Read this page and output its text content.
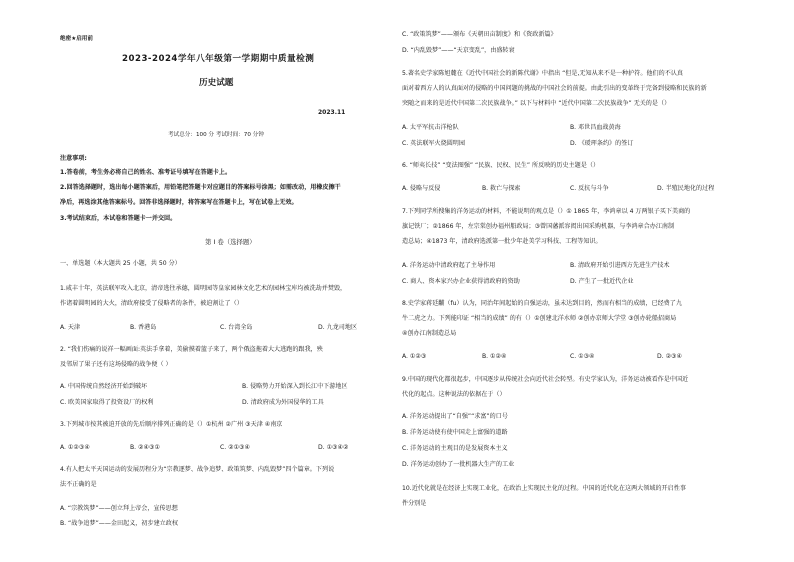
绝密★启用前
2023-2024学年八年级第一学期期中质量检测
历史试题
2023.11
考试总分：100 分 考试时间：70 分钟
注意事项:
1.答卷前，考生务必将自己的姓名、准考证号填写在答题卡上。
2.回答选择题时，选出每小题答案后，用铅笔把答题卡对应题目的答案标号涂黑；如需改动，用橡皮擦干
净后，再选涂其他答案标号。回答非选择题时，将答案写在答题卡上，写在试卷上无效。
3.考试结束后，本试卷和答题卡一并交回。
第 I 卷（选择题）
一、单选题（本大题共 25 小题，共 50 分）
1.咸丰十年，英法联军攻入北京，清帝逃往承德，圆明园等皇家园林文化艺术的园林宝库均被洗劫并焚毁，
作诸着圆明园的大火，清政府接受了侵略者的条件，被迫割让了（）
A. 天津	B. 香港岛	C. 台湾全岛	D. 九龙司地区
2. “我们伤痛的说祥一幅画面:英法手拿着，美偷摸着篮子来了，两个俄盗拖着大大逃跑的跟我，殃
及邻居了果子还有这场侵略的战争便（ ）
A. 中国传统自然经济开始到破坏	B. 侵略势力开始深入到长江中下游地区
C. 欧美国家取得了投资设厂的权利	D. 清政府成为外国侵华的工具
3.下列城市按其被迫开放的先后顺序排列正确的是（）①杭州 ②广州 ③天津 ④南京
A. ①②③④	B. ②④③①	C. ②①③④	D. ①③④②
4.有人把太平天国运动的发展历程分为“宗教逐梦、战争追梦、政策筑梦、内乱毁梦”四个篇章。下列说
法不正确的是
A. “宗教筑梦”——创立拜上帝会，宣传思想
B. “战争追梦”——金田起义，初步建立政权
C. “政策筑梦”——颁布《天朝田亩制度》和《资政新篇》
D. “内乱毁梦”——“天京变乱”，由盛转衰
5.著名史学家陈旭麓在《近代中国社会的新陈代谢》中指出 “但是,无知从来不是一种护符。他们的不认真
面对着西方人的认真面对的侵略的中国问题的挑战的中国社会的前提。由此引出的变革终于完备到侵略和民族的新
突随之而来的是近代中国第二次民族战争。” 以下与材料中 “近代中国第二次民族战争” 无关的是（）
A. 太平军抗击洋枪队	B. 邓世昌血战黄海
C. 英法联军火烧圆明园	D. 《瑷珲条约》的签订
6. “师夷长技” “变法图强” “民族、民权、民生” 所反映的历史主题是（）
A. 侵略与反侵	B. 救亡与探索	C. 反抗与斗争	D. 半殖民地化的过程
7.下列同学所搜集的洋务运动的材料，不能说明的观点是（）① 1865 年，李鸿章以 4 万两银子买下美商的
旗记铁厂；②1866 年，左宗棠创办福州船政局；③曾国藩派容闳出国采购机器，与李鸿章合办江南制
造总局；④1873 年，清政府选派第一批少年赴美学习科技、工程等知识。
A. 洋务运动中清政府起了主导作用	B. 清政府开始引进西方先进生产技术
C. 商人、资本家兴办企业获得清政府的资助	D. 产生了一批近代企业
8.史学家蒋廷黼（fu）认为，同治年间起始的自强运动，虽未达到目的，然而有相当的成绩，已经费了九
牛二虎之力。下列能印证 “相当的成绩” 的有（）①创建北洋水师 ②创办京师大学堂 ③创办轮船招商局
④创办江南制造总局
A. ①②③	B. ①②④	C. ①③④	D. ②③④
9.中国的现代化都很起步，中国逐步从传统社会向近代社会转型。有史学家认为，洋务运动被看作是中国近
代化的起点。这种说法的依据在于（）
A. 洋务运动提出了“自强”“求富”的口号
B. 洋务运动使有使中国走上富强的道路
C. 洋务运动的主观目的是发展资本主义
D. 洋务运动创办了一批机器大生产的工业
10.近代化就是在经济上实现工业化，在政治上实现民主化的过程。中国的近代化在这两大领域的开启性事
件分别是
